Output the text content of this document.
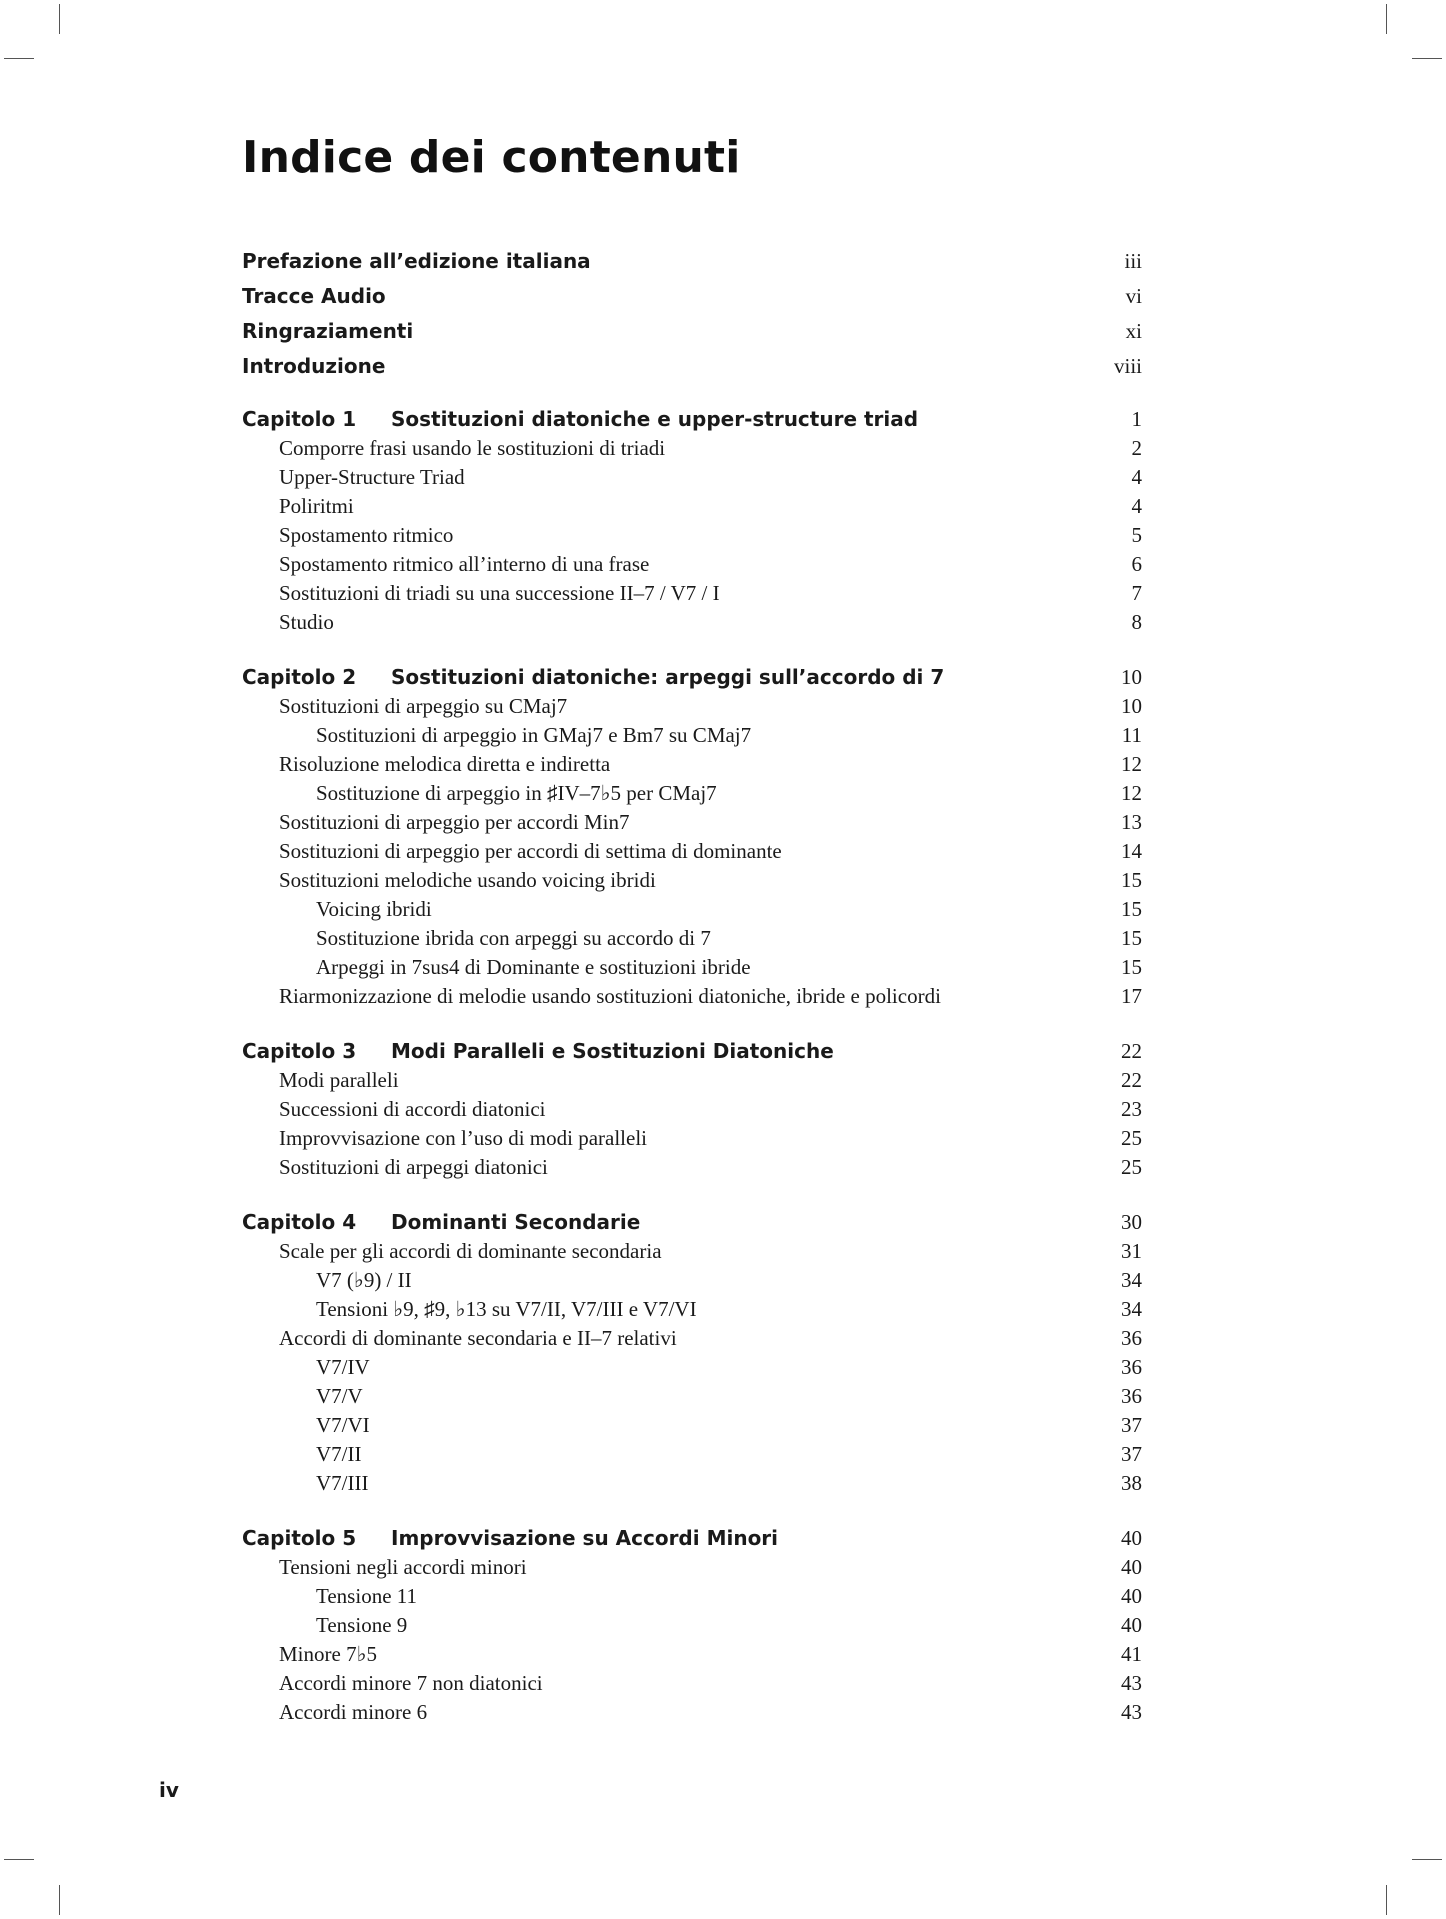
Indice dei contenuti
Prefazione all’edizione italiana	iii
Tracce Audio	vi
Ringraziamenti	xi
Introduzione	viii
Capitolo 1 Sostituzioni diatoniche e upper-structure triad	1
Comporre frasi usando le sostituzioni di triadi	2
Upper-Structure Triad	4
Poliritmi	4
Spostamento ritmico	5
Spostamento ritmico all’interno di una frase	6
Sostituzioni di triadi su una successione II–7 / V7 / I	7
Studio	8
Capitolo 2 Sostituzioni diatoniche: arpeggi sull’accordo di 7	10
Sostituzioni di arpeggio su CMaj7	10
Sostituzioni di arpeggio in GMaj7 e Bm7 su CMaj7	11
Risoluzione melodica diretta e indiretta	12
Sostituzione di arpeggio in ♯IV–7♭5 per CMaj7	12
Sostituzioni di arpeggio per accordi Min7	13
Sostituzioni di arpeggio per accordi di settima di dominante	14
Sostituzioni melodiche usando voicing ibridi	15
Voicing ibridi	15
Sostituzione ibrida con arpeggi su accordo di 7	15
Arpeggi in 7sus4 di Dominante e sostituzioni ibride	15
Riarmonizzazione di melodie usando sostituzioni diatoniche, ibride e policordi	17
Capitolo 3 Modi Paralleli e Sostituzioni Diatoniche	22
Modi paralleli	22
Successioni di accordi diatonici	23
Improvvisazione con l’uso di modi paralleli	25
Sostituzioni di arpeggi diatonici	25
Capitolo 4 Dominanti Secondarie	30
Scale per gli accordi di dominante secondaria	31
V7 (♭9) / II	34
Tensioni ♭9, ♯9, ♭13 su V7/II, V7/III e V7/VI	34
Accordi di dominante secondaria e II–7 relativi	36
V7/IV	36
V7/V	36
V7/VI	37
V7/II	37
V7/III	38
Capitolo 5 Improvvisazione su Accordi Minori	40
Tensioni negli accordi minori	40
Tensione 11	40
Tensione 9	40
Minore 7♭5	41
Accordi minore 7 non diatonici	43
Accordi minore 6	43
iv
